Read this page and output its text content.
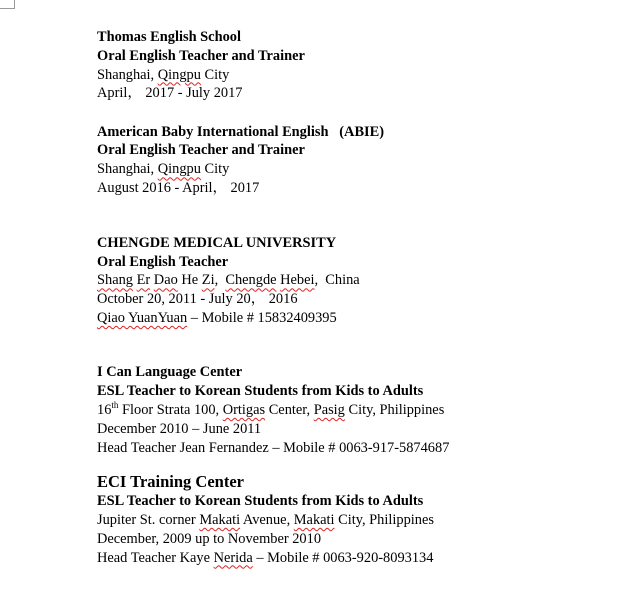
Thomas English School

Oral English Teacher and Trainer

Shanghai, Qingpu City

April， 2017 - July 2017

American Baby International English   (ABIE)

Oral English Teacher and Trainer

Shanghai, Qingpu City

August 2016 - April， 2017

CHENGDE MEDICAL UNIVERSITY

Oral English Teacher

Shang Er Dao He Zi,  Chengde Hebei,  China

October 20, 2011 - July 20， 2016

Qiao YuanYuan – Mobile # 15832409395

I Can Language Center

ESL Teacher to Korean Students from Kids to Adults

16th Floor Strata 100, Ortigas Center, Pasig City, Philippines

December 2010 – June 2011

Head Teacher Jean Fernandez – Mobile # 0063-917-5874687

ECI Training Center

ESL Teacher to Korean Students from Kids to Adults

Jupiter St. corner Makati Avenue, Makati City, Philippines

December, 2009 up to November 2010

Head Teacher Kaye Nerida – Mobile # 0063-920-8093134
